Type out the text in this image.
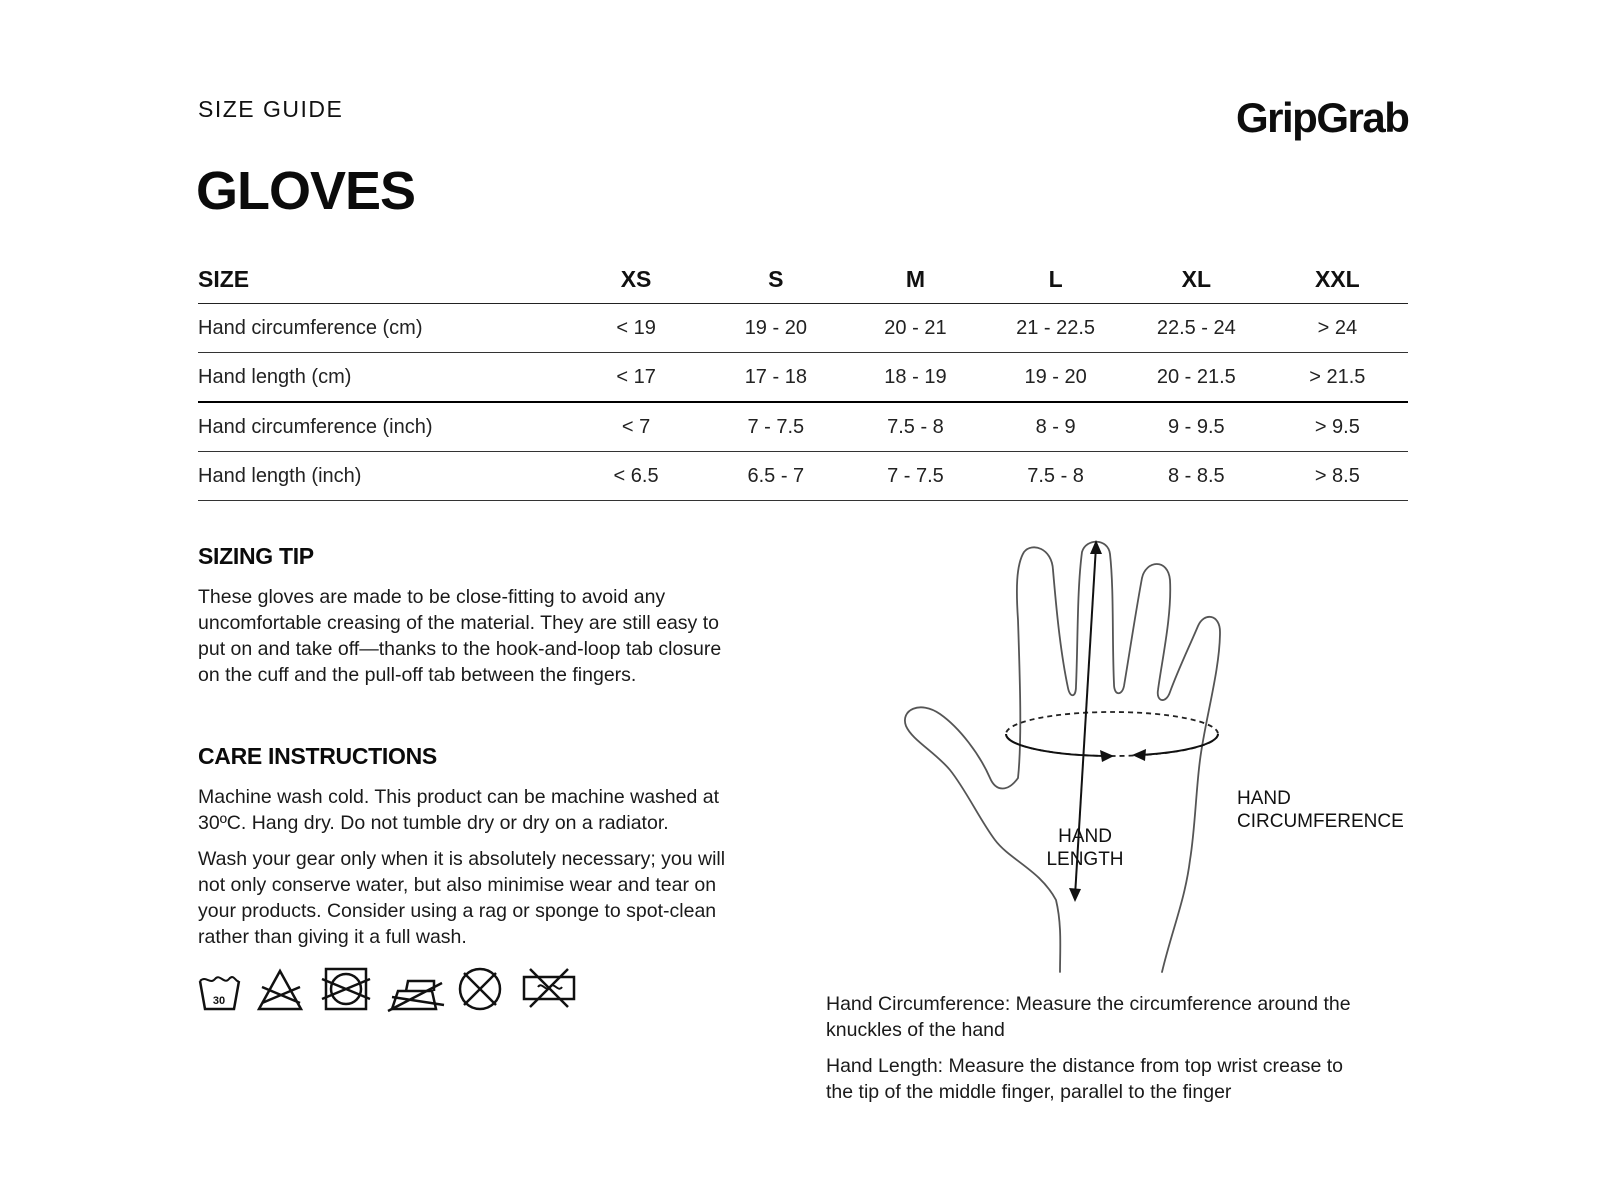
SIZE GUIDE	GripGrab
GLOVES
SIZE	XS	S	M	L	XL	XXL
Hand circumference (cm)	< 19	19 - 20	20 - 21	21 - 22.5	22.5 - 24	> 24
Hand length (cm)	< 17	17 - 18	18 - 19	19 - 20	20 - 21.5	> 21.5
Hand circumference (inch)	< 7	7 - 7.5	7.5 - 8	8 - 9	9 - 9.5	> 9.5
Hand length (inch)	< 6.5	6.5 - 7	7 - 7.5	7.5 - 8	8 - 8.5	> 8.5
SIZING TIP
These gloves are made to be close-fitting to avoid any
uncomfortable creasing of the material. They are still easy to
put on and take off—thanks to the hook-and-loop tab closure
on the cuff and the pull-off tab between the fingers.
CARE INSTRUCTIONS
Machine wash cold. This product can be machine washed at
30ºC. Hang dry. Do not tumble dry or dry on a radiator.
Wash your gear only when it is absolutely necessary; you will
not only conserve water, but also minimise wear and tear on
your products. Consider using a rag or sponge to spot-clean
rather than giving it a full wash.
30
HAND
LENGTH
HAND
CIRCUMFERENCE
Hand Circumference: Measure the circumference around the
knuckles of the hand
Hand Length: Measure the distance from top wrist crease to
the tip of the middle finger, parallel to the finger
